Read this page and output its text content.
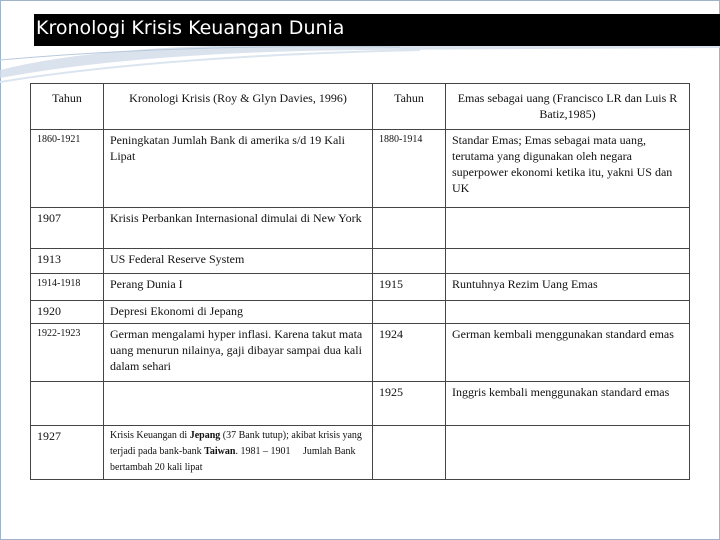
Kronologi Krisis Keuangan Dunia
Tahun	Kronologi Krisis (Roy & Glyn Davies, 1996)	Tahun	Emas sebagai uang (Francisco LR dan Luis R Batiz,1985)
1860-1921	Peningkatan Jumlah Bank di amerika s/d 19 Kali Lipat	1880-1914	Standar Emas; Emas sebagai mata uang, terutama yang digunakan oleh negara superpower ekonomi ketika itu, yakni US dan UK
1907	Krisis Perbankan Internasional dimulai di New York		
1913	US Federal Reserve System		
1914-1918	Perang Dunia I	1915	Runtuhnya Rezim Uang Emas
1920	Depresi Ekonomi di Jepang		
1922-1923	German mengalami hyper inflasi. Karena takut mata uang menurun nilainya, gaji dibayar sampai dua kali dalam sehari	1924	German kembali menggunakan standard emas
		1925	Inggris kembali menggunakan standard emas
1927	Krisis Keuangan di Jepang (37 Bank tutup); akibat krisis yang terjadi pada bank-bank Taiwan. 1981 – 1901     Jumlah Bank bertambah 20 kali lipat		
